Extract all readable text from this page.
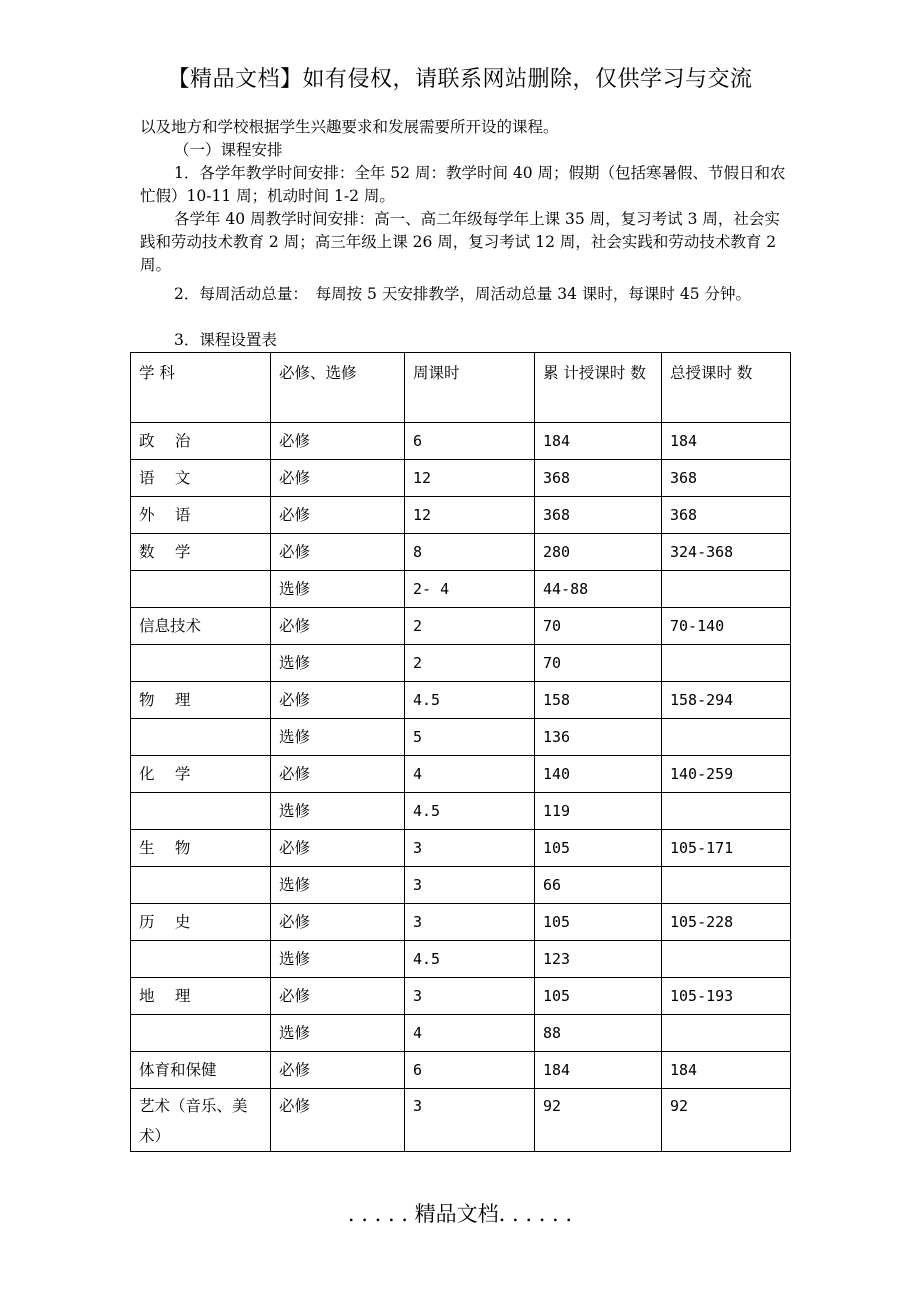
【精品文档】如有侵权，请联系网站删除，仅供学习与交流
以及地方和学校根据学生兴趣要求和发展需要所开设的课程。
（一）课程安排
1．各学年教学时间安排：全年 52 周：教学时间 40 周；假期（包括寒暑假、节假日和农忙假）10-11 周；机动时间 1-2 周。
各学年 40 周教学时间安排：高一、高二年级每学年上课 35 周，复习考试 3 周，社会实践和劳动技术教育 2 周；高三年级上课 26 周，复习考试 12 周，社会实践和劳动技术教育 2 周。
2．每周活动总量：　每周按 5 天安排教学，周活动总量 34 课时，每课时 45 分钟。
3．课程设置表
学 科	必修、选修	周课时	累 计授课时 数	总授课时 数
政　 治	必修	6	184	184
语　 文	必修	12	368	368
外　 语	必修	12	368	368
数　 学	必修	8	280	324-368
	选修	2- 4	44-88	
信息技术	必修	2	70	70-140
	选修	2	70	
物　 理	必修	4.5	158	158-294
	选修	5	136	
化　 学	必修	4	140	140-259
	选修	4.5	119	
生　 物	必修	3	105	105-171
	选修	3	66	
历　 史	必修	3	105	105-228
	选修	4.5	123	
地　 理	必修	3	105	105-193
	选修	4	88	
体育和保健	必修	6	184	184
艺术（音乐、美术）	必修	3	92	92
. . . . . 精品文档. . . . . .
